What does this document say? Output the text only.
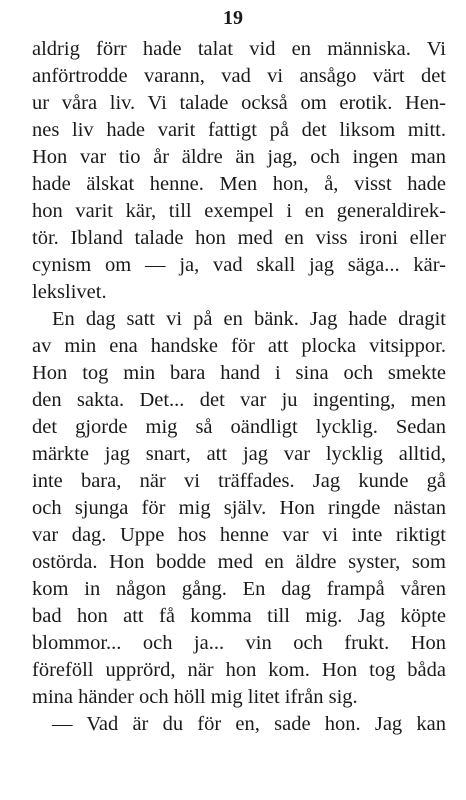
19
aldrig förr hade talat vid en människa. Vi
anförtrodde varann, vad vi ansågo värt det
ur våra liv. Vi talade också om erotik. Hen-
nes liv hade varit fattigt på det liksom mitt.
Hon var tio år äldre än jag, och ingen man
hade älskat henne. Men hon, å, visst hade
hon varit kär, till exempel i en generaldirek-
tör. Ibland talade hon med en viss ironi eller
cynism om — ja, vad skall jag säga... kär-
lekslivet.
En dag satt vi på en bänk. Jag hade dragit
av min ena handske för att plocka vitsippor.
Hon tog min bara hand i sina och smekte
den sakta. Det... det var ju ingenting, men
det gjorde mig så oändligt lycklig. Sedan
märkte jag snart, att jag var lycklig alltid,
inte bara, när vi träffades. Jag kunde gå
och sjunga för mig själv. Hon ringde nästan
var dag. Uppe hos henne var vi inte riktigt
ostörda. Hon bodde med en äldre syster, som
kom in någon gång. En dag frampå våren
bad hon att få komma till mig. Jag köpte
blommor... och ja... vin och frukt. Hon
föreföll upprörd, när hon kom. Hon tog båda
mina händer och höll mig litet ifrån sig.
— Vad är du för en, sade hon. Jag kan
